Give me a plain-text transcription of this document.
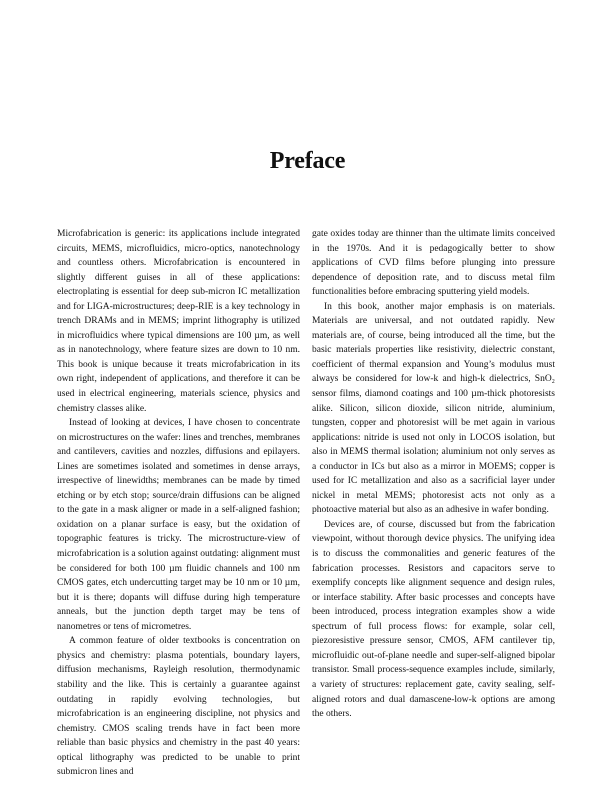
Preface

Microfabrication is generic: its applications include integrated circuits, MEMS, microfluidics, micro-optics, nanotechnology and countless others. Microfabrication is encountered in slightly different guises in all of these applications: electroplating is essential for deep sub-micron IC metallization and for LIGA-microstructures; deep-RIE is a key technology in trench DRAMs and in MEMS; imprint lithography is utilized in microfluidics where typical dimensions are 100 µm, as well as in nanotechnology, where feature sizes are down to 10 nm. This book is unique because it treats microfabrication in its own right, independent of applications, and therefore it can be used in electrical engineering, materials science, physics and chemistry classes alike.

Instead of looking at devices, I have chosen to concentrate on microstructures on the wafer: lines and trenches, membranes and cantilevers, cavities and nozzles, diffusions and epilayers. Lines are sometimes isolated and sometimes in dense arrays, irrespective of linewidths; membranes can be made by timed etching or by etch stop; source/drain diffusions can be aligned to the gate in a mask aligner or made in a self-aligned fashion; oxidation on a planar surface is easy, but the oxidation of topographic features is tricky. The microstructure-view of microfabrication is a solution against outdating: alignment must be considered for both 100 µm fluidic channels and 100 nm CMOS gates, etch undercutting target may be 10 nm or 10 µm, but it is there; dopants will diffuse during high temperature anneals, but the junction depth target may be tens of nanometres or tens of micrometres.

A common feature of older textbooks is concentration on physics and chemistry: plasma potentials, boundary layers, diffusion mechanisms, Rayleigh resolution, thermodynamic stability and the like. This is certainly a guarantee against outdating in rapidly evolving technologies, but microfabrication is an engineering discipline, not physics and chemistry. CMOS scaling trends have in fact been more reliable than basic physics and chemistry in the past 40 years: optical lithography was predicted to be unable to print submicron lines and

gate oxides today are thinner than the ultimate limits conceived in the 1970s. And it is pedagogically better to show applications of CVD films before plunging into pressure dependence of deposition rate, and to discuss metal film functionalities before embracing sputtering yield models.

In this book, another major emphasis is on materials. Materials are universal, and not outdated rapidly. New materials are, of course, being introduced all the time, but the basic materials properties like resistivity, dielectric constant, coefficient of thermal expansion and Young’s modulus must always be considered for low-k and high-k dielectrics, SnO₂ sensor films, diamond coatings and 100 µm-thick photoresists alike. Silicon, silicon dioxide, silicon nitride, aluminium, tungsten, copper and photoresist will be met again in various applications: nitride is used not only in LOCOS isolation, but also in MEMS thermal isolation; aluminium not only serves as a conductor in ICs but also as a mirror in MOEMS; copper is used for IC metallization and also as a sacrificial layer under nickel in metal MEMS; photoresist acts not only as a photoactive material but also as an adhesive in wafer bonding.

Devices are, of course, discussed but from the fabrication viewpoint, without thorough device physics. The unifying idea is to discuss the commonalities and generic features of the fabrication processes. Resistors and capacitors serve to exemplify concepts like alignment sequence and design rules, or interface stability. After basic processes and concepts have been introduced, process integration examples show a wide spectrum of full process flows: for example, solar cell, piezoresistive pressure sensor, CMOS, AFM cantilever tip, microfluidic out-of-plane needle and super-self-aligned bipolar transistor. Small process-sequence examples include, similarly, a variety of structures: replacement gate, cavity sealing, self-aligned rotors and dual damascene-low-k options are among the others.
